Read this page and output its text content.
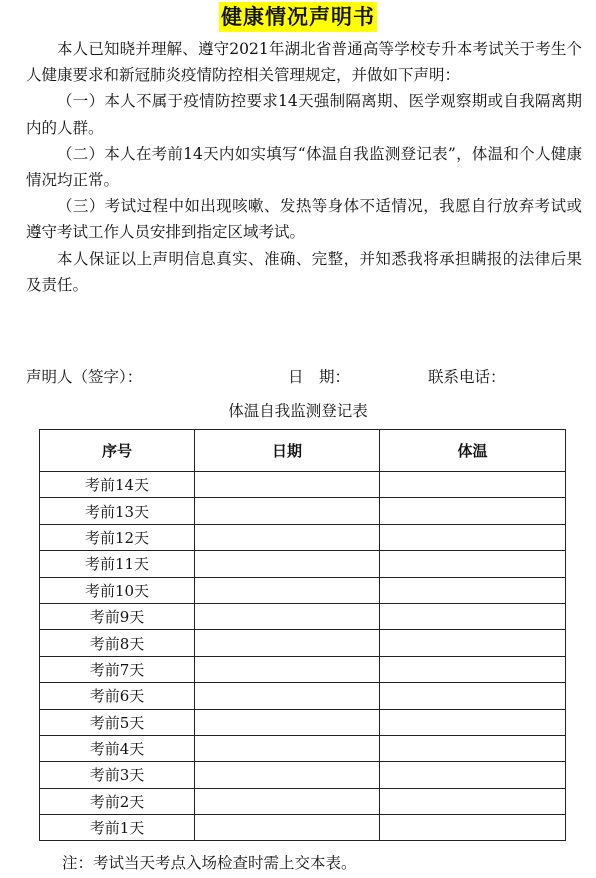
健康情况声明书

本人已知晓并理解、遵守2021年湖北省普通高等学校专升本考试关于考生个人健康要求和新冠肺炎疫情防控相关管理规定，并做如下声明：

（一）本人不属于疫情防控要求14天强制隔离期、医学观察期或自我隔离期内的人群。

（二）本人在考前14天内如实填写“体温自我监测登记表”，体温和个人健康情况均正常。

（三）考试过程中如出现咳嗽、发热等身体不适情况，我愿自行放弃考试或遵守考试工作人员安排到指定区域考试。

本人保证以上声明信息真实、准确、完整，并知悉我将承担瞒报的法律后果及责任。

声明人（签字）：	日　期：	联系电话：
体温自我监测登记表
序号	日期	体温
考前14天		
考前13天		
考前12天		
考前11天		
考前10天		
考前9天		
考前8天		
考前7天		
考前6天		
考前5天		
考前4天		
考前3天		
考前2天		
考前1天		
注：考试当天考点入场检查时需上交本表。
